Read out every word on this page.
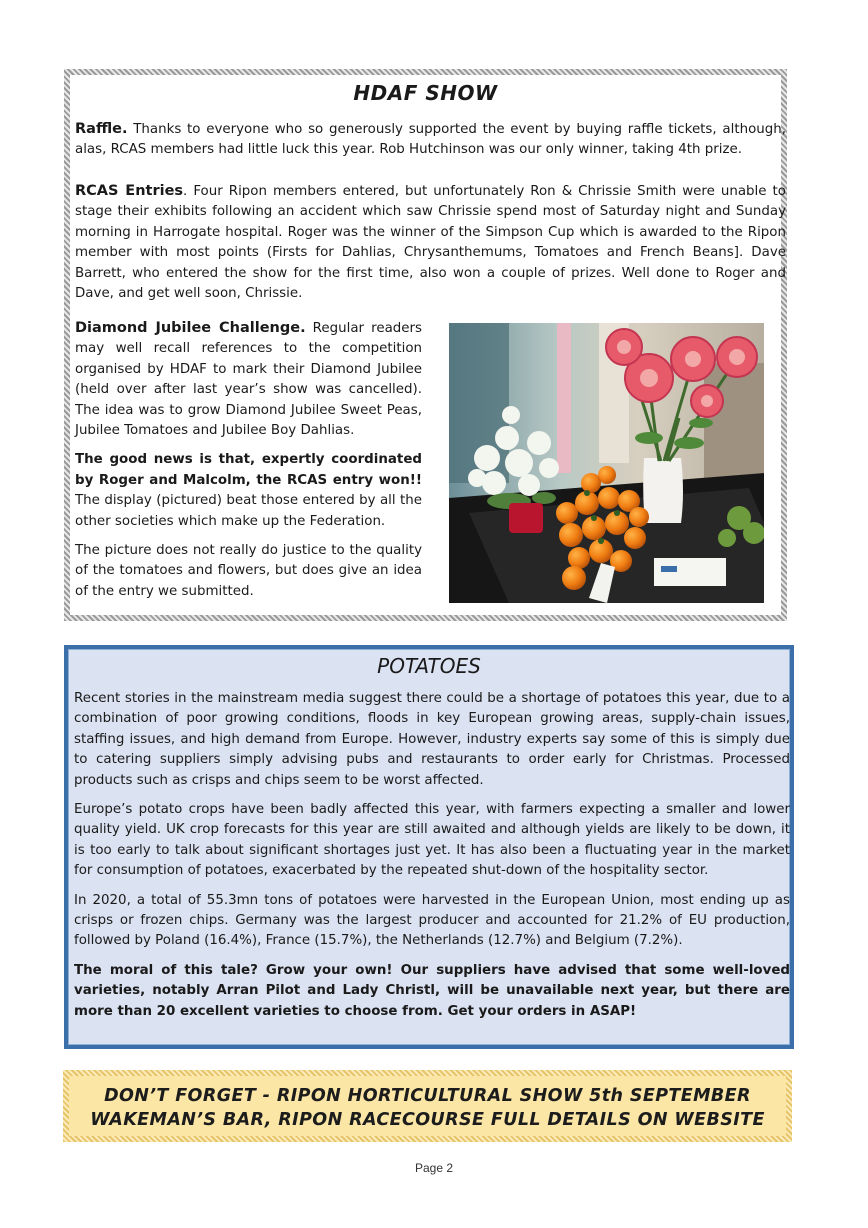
HDAF SHOW

Raffle. Thanks to everyone who so generously supported the event by buying raffle tickets, although, alas, RCAS members had little luck this year. Rob Hutchinson was our only winner, taking 4th prize.

RCAS Entries. Four Ripon members entered, but unfortunately Ron & Chrissie Smith were unable to stage their exhibits following an accident which saw Chrissie spend most of Saturday night and Sunday morning in Harrogate hospital. Roger was the winner of the Simpson Cup which is awarded to the Ripon member with most points (Firsts for Dahlias, Chrysanthemums, Tomatoes and French Beans]. Dave Barrett, who entered the show for the first time, also won a couple of prizes. Well done to Roger and Dave, and get well soon, Chrissie.

Diamond Jubilee Challenge. Regular readers may well recall references to the competition organised by HDAF to mark their Diamond Jubilee (held over after last year’s show was cancelled). The idea was to grow Diamond Jubilee Sweet Peas, Jubilee Tomatoes and Jubilee Boy Dahlias.

The good news is that, expertly coordinated by Roger and Malcolm, the RCAS entry won!! The display (pictured) beat those entered by all the other societies which make up the Federation.

The picture does not really do justice to the quality of the tomatoes and flowers, but does give an idea of the entry we submitted.

POTATOES

Recent stories in the mainstream media suggest there could be a shortage of potatoes this year, due to a combination of poor growing conditions, floods in key European growing areas, supply-chain issues, staffing issues, and high demand from Europe. However, industry experts say some of this is simply due to catering suppliers simply advising pubs and restaurants to order early for Christmas. Processed products such as crisps and chips seem to be worst affected.

Europe’s potato crops have been badly affected this year, with farmers expecting a smaller and lower quality yield. UK crop forecasts for this year are still awaited and although yields are likely to be down, it is too early to talk about significant shortages just yet. It has also been a fluctuating year in the market for consumption of potatoes, exacerbated by the repeated shut-down of the hospitality sector.

In 2020, a total of 55.3mn tons of potatoes were harvested in the European Union, most ending up as crisps or frozen chips. Germany was the largest producer and accounted for 21.2% of EU production, followed by Poland (16.4%), France (15.7%), the Netherlands (12.7%) and Belgium (7.2%).

The moral of this tale? Grow your own! Our suppliers have advised that some well-loved varieties, notably Arran Pilot and Lady Christl, will be unavailable next year, but there are more than 20 excellent varieties to choose from. Get your orders in ASAP!

DON’T FORGET - RIPON HORTICULTURAL SHOW 5th SEPTEMBER
WAKEMAN’S BAR, RIPON RACECOURSE FULL DETAILS ON WEBSITE
Page 2
